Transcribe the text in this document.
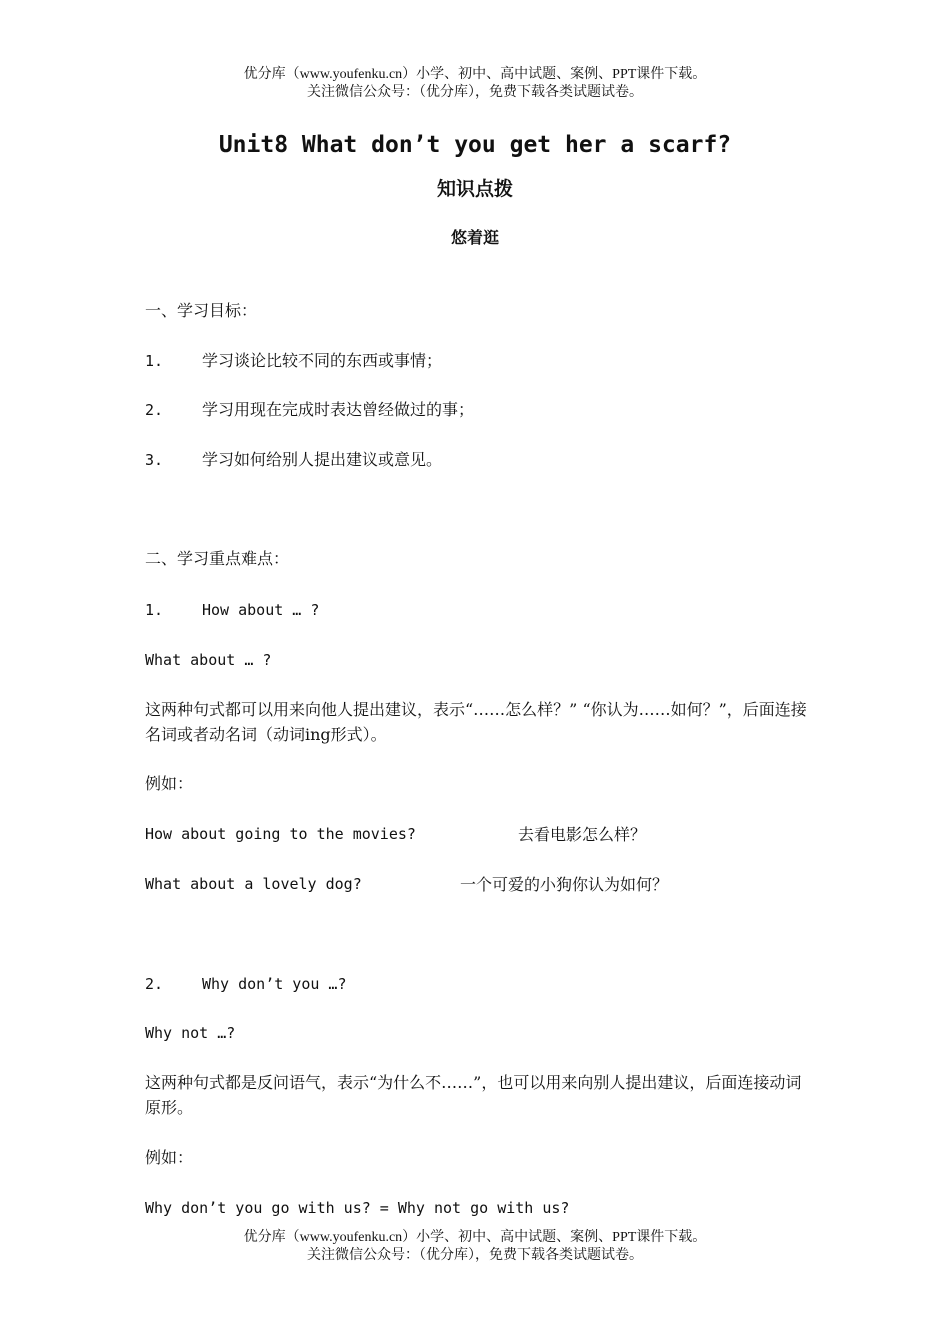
优分库（www.youfenku.cn）小学、初中、高中试题、案例、PPT课件下载。
关注微信公众号：（优分库），免费下载各类试题试卷。
Unit8 What don’t you get her a scarf?
知识点拨
悠着逛
一、学习目标：
1. 学习谈论比较不同的东西或事情；
2. 学习用现在完成时表达曾经做过的事；
3. 学习如何给别人提出建议或意见。
二、学习重点难点：
1.	How about … ?
What about … ?
这两种句式都可以用来向他人提出建议，表示“……怎么样？” “你认为……如何？”，后面连接名词或者动名词（动词ing形式）。
例如：
How about going to the movies?	去看电影怎么样？
What about a lovely dog?	一个可爱的小狗你认为如何？
2.	Why don’t you …?
Why not …?
这两种句式都是反问语气，表示“为什么不……”，也可以用来向别人提出建议，后面连接动词原形。
例如：
Why don’t you go with us? = Why not go with us?
优分库（www.youfenku.cn）小学、初中、高中试题、案例、PPT课件下载。
关注微信公众号：（优分库），免费下载各类试题试卷。
